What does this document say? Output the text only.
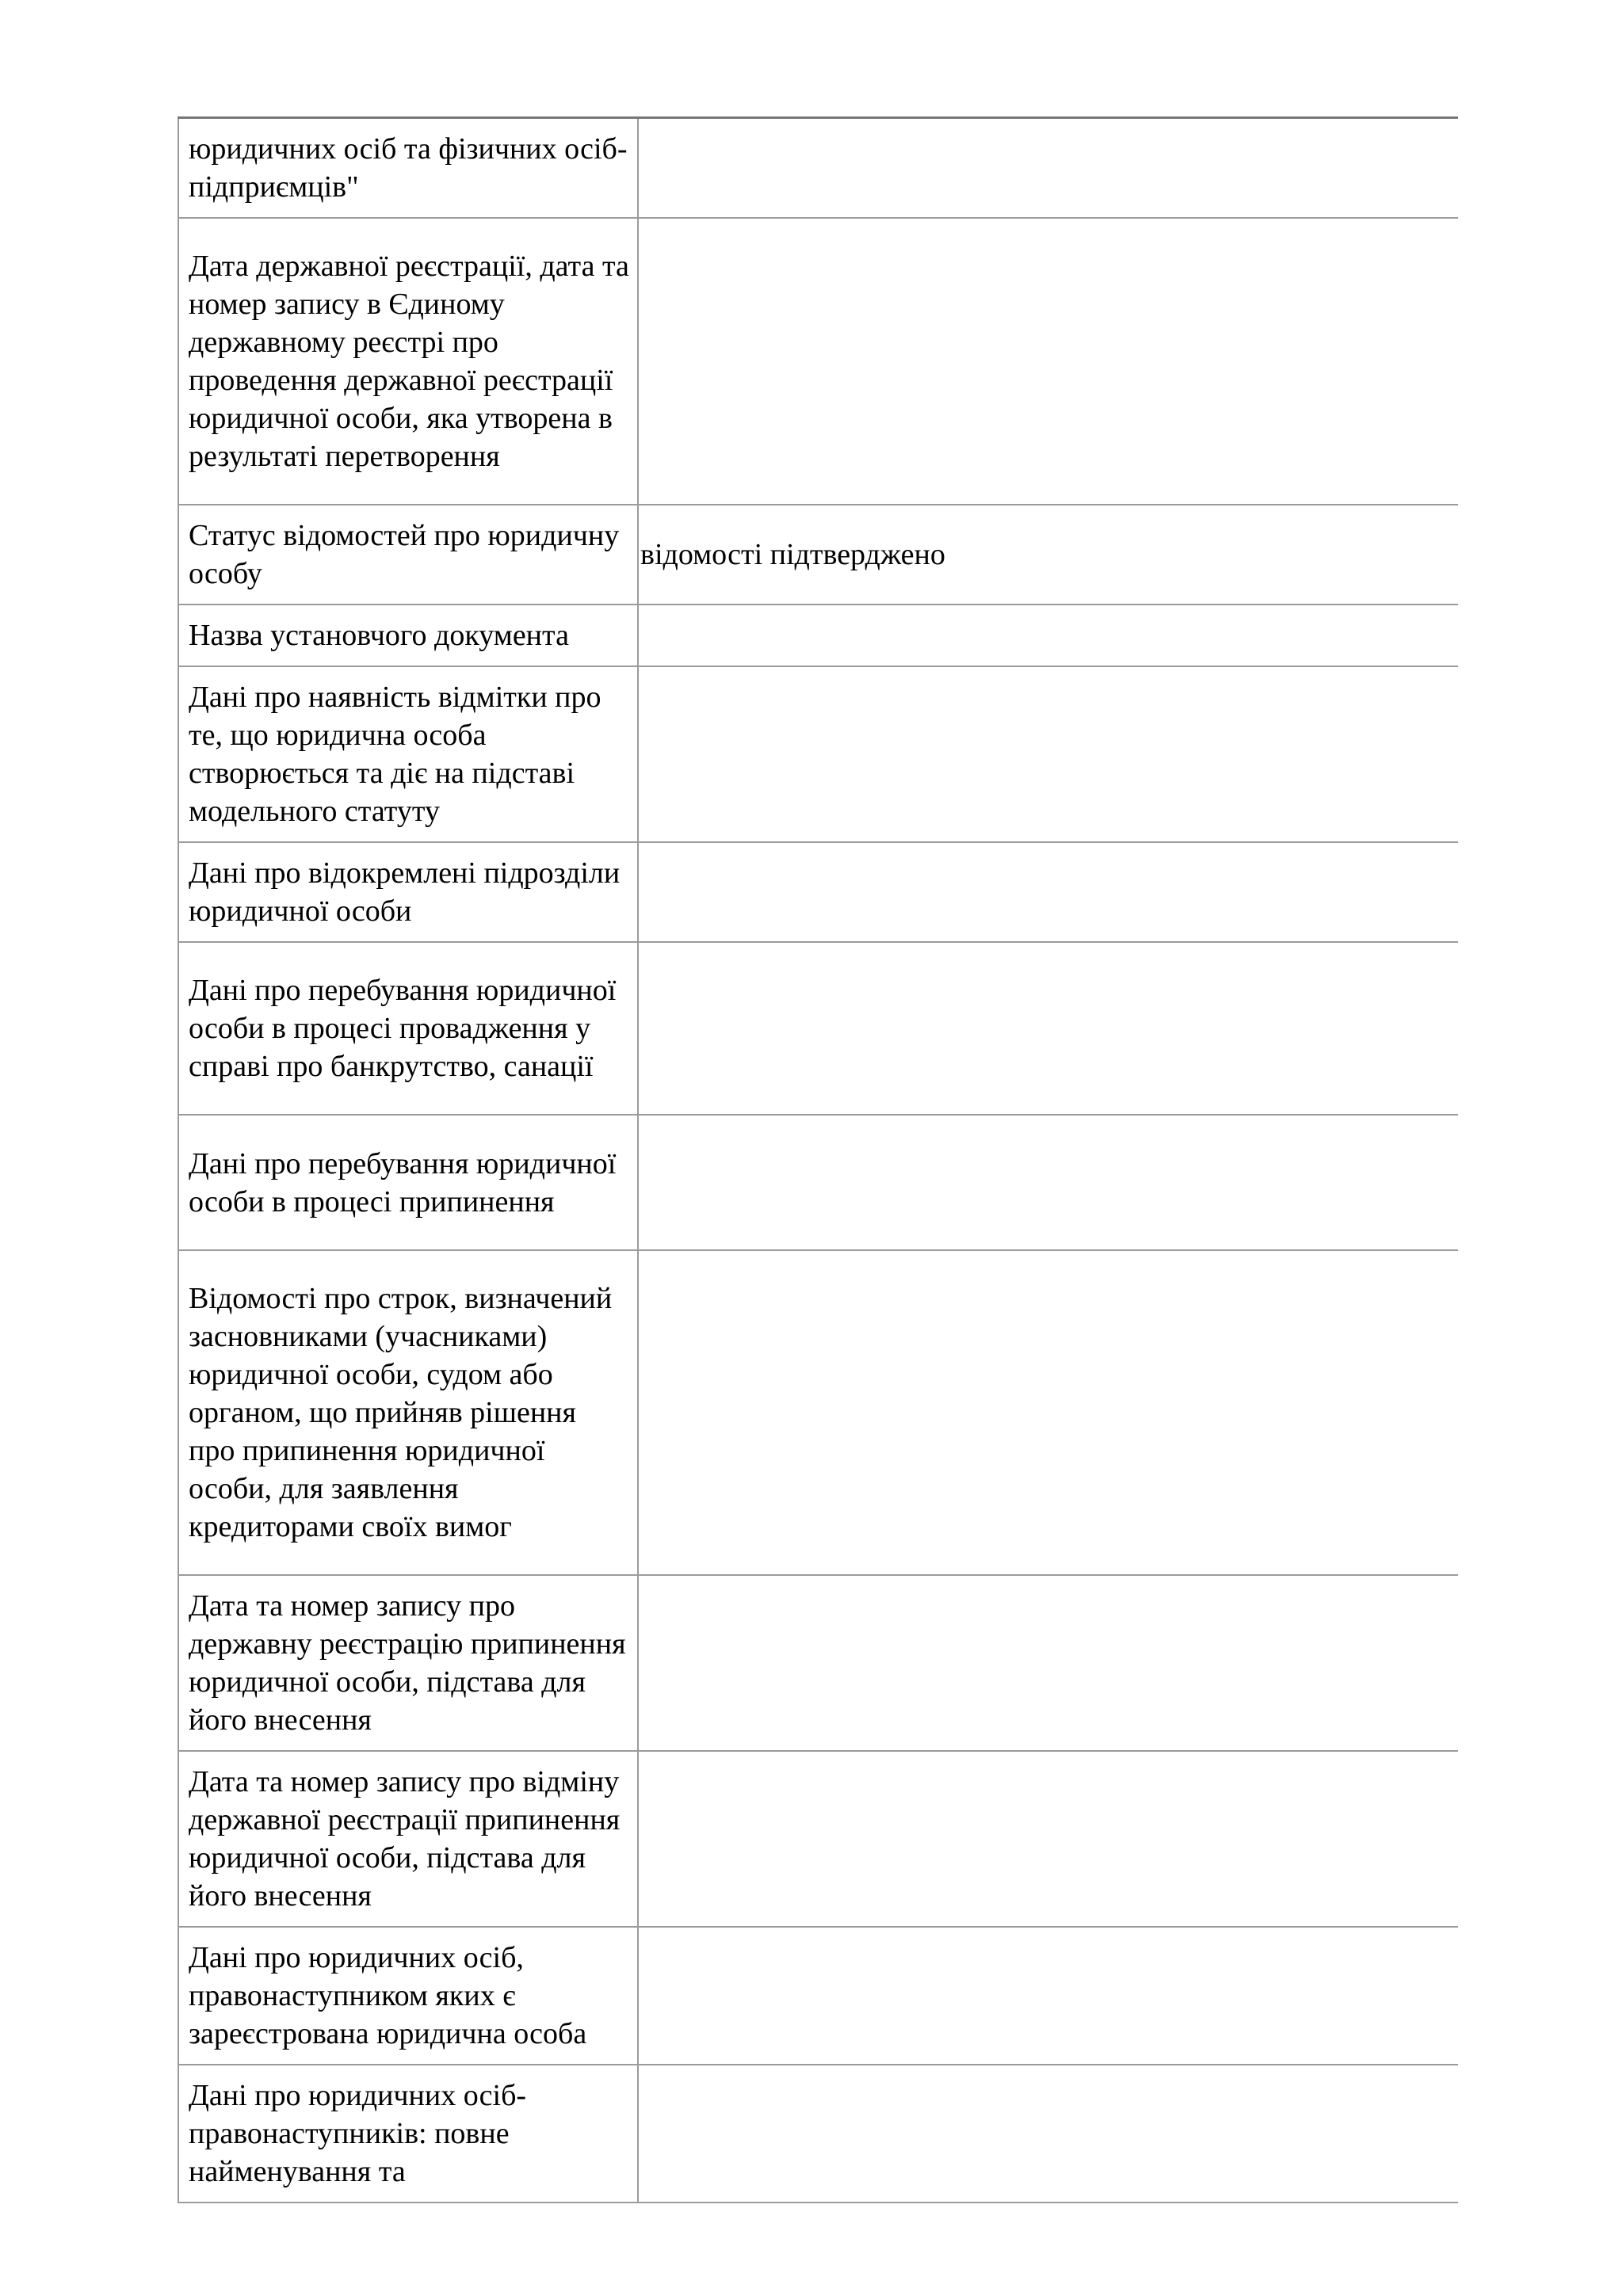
юридичних осіб та фізичних осіб-підприємців"	
Дата державної реєстрації, дата та номер запису в Єдиному державному реєстрі про проведення державної реєстрації юридичної особи, яка утворена в результаті перетворення	
Статус відомостей про юридичну особу	відомості підтверджено
Назва установчого документа	
Дані про наявність відмітки про те, що юридична особа створюється та діє на підставі модельного статуту	
Дані про відокремлені підрозділи юридичної особи	
Дані про перебування юридичної особи в процесі провадження у справі про банкрутство, санації	
Дані про перебування юридичної особи в процесі припинення	
Відомості про строк, визначений засновниками (учасниками) юридичної особи, судом або органом, що прийняв рішення про припинення юридичної особи, для заявлення кредиторами своїх вимог	
Дата та номер запису про державну реєстрацію припинення юридичної особи, підстава для його внесення	
Дата та номер запису про відміну державної реєстрації припинення юридичної особи, підстава для його внесення	
Дані про юридичних осіб, правонаступником яких є зареєстрована юридична особа	
Дані про юридичних осіб-правонаступників: повне найменування та	
